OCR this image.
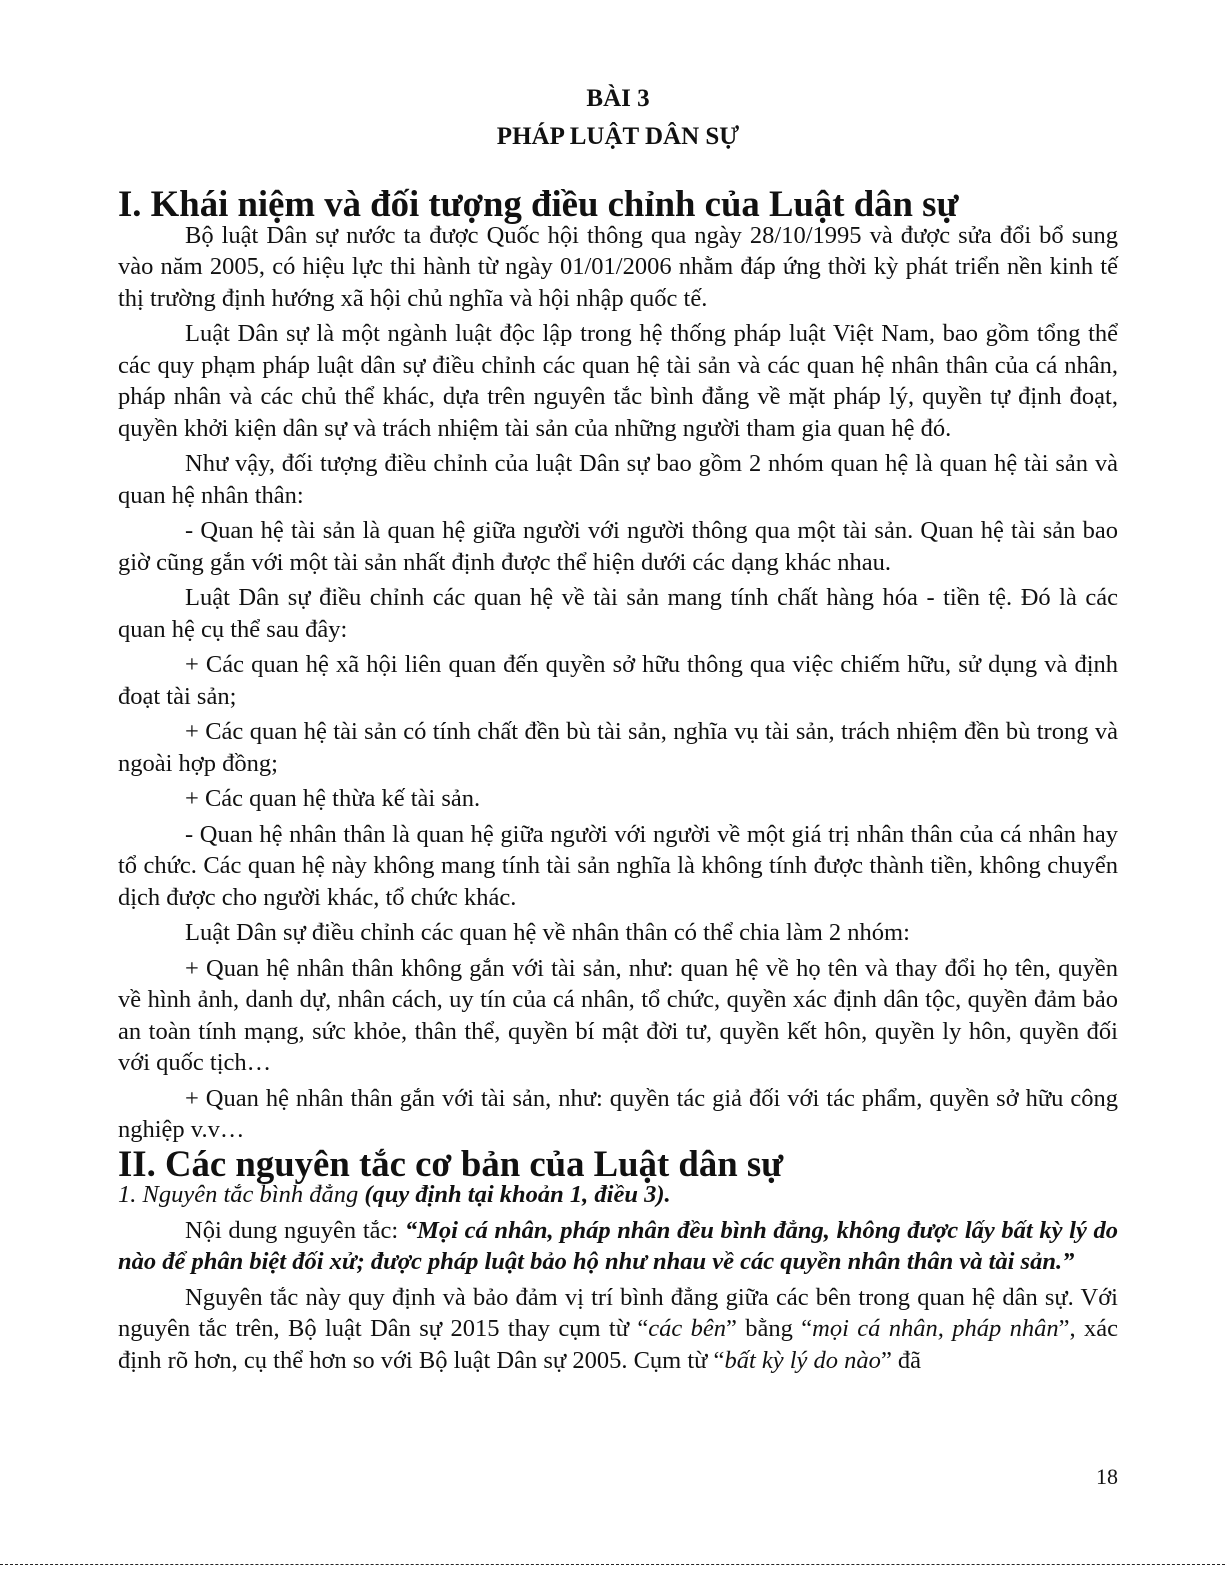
BÀI 3
PHÁP LUẬT DÂN SỰ
I. Khái niệm và đối tượng điều chỉnh của Luật dân sự

Bộ luật Dân sự nước ta được Quốc hội thông qua ngày 28/10/1995 và được sửa đổi bổ sung vào năm 2005, có hiệu lực thi hành từ ngày 01/01/2006 nhằm đáp ứng thời kỳ phát triển nền kinh tế thị trường định hướng xã hội chủ nghĩa và hội nhập quốc tế.

Luật Dân sự là một ngành luật độc lập trong hệ thống pháp luật Việt Nam, bao gồm tổng thể các quy phạm pháp luật dân sự điều chỉnh các quan hệ tài sản và các quan hệ nhân thân của cá nhân, pháp nhân và các chủ thể khác, dựa trên nguyên tắc bình đẳng về mặt pháp lý, quyền tự định đoạt, quyền khởi kiện dân sự và trách nhiệm tài sản của những người tham gia quan hệ đó.

Như vậy, đối tượng điều chỉnh của luật Dân sự bao gồm 2 nhóm quan hệ là quan hệ tài sản và quan hệ nhân thân:

- Quan hệ tài sản là quan hệ giữa người với người thông qua một tài sản. Quan hệ tài sản bao giờ cũng gắn với một tài sản nhất định được thể hiện dưới các dạng khác nhau.

Luật Dân sự điều chỉnh các quan hệ về tài sản mang tính chất hàng hóa - tiền tệ. Đó là các quan hệ cụ thể sau đây:

+ Các quan hệ xã hội liên quan đến quyền sở hữu thông qua việc chiếm hữu, sử dụng và định đoạt tài sản;

+ Các quan hệ tài sản có tính chất đền bù tài sản, nghĩa vụ tài sản, trách nhiệm đền bù trong và ngoài hợp đồng;

+ Các quan hệ thừa kế tài sản.

- Quan hệ nhân thân là quan hệ giữa người với người về một giá trị nhân thân của cá nhân hay tổ chức. Các quan hệ này không mang tính tài sản nghĩa là không tính được thành tiền, không chuyển dịch được cho người khác, tổ chức khác.

Luật Dân sự điều chỉnh các quan hệ về nhân thân có thể chia làm 2 nhóm:

+ Quan hệ nhân thân không gắn với tài sản, như: quan hệ về họ tên và thay đổi họ tên, quyền về hình ảnh, danh dự, nhân cách, uy tín của cá nhân, tổ chức, quyền xác định dân tộc, quyền đảm bảo an toàn tính mạng, sức khỏe, thân thể, quyền bí mật đời tư, quyền kết hôn, quyền ly hôn, quyền đối với quốc tịch…

+ Quan hệ nhân thân gắn với tài sản, như: quyền tác giả đối với tác phẩm, quyền sở hữu công nghiệp v.v…

II. Các nguyên tắc cơ bản của Luật dân sự

1. Nguyên tắc bình đẳng (quy định tại khoản 1, điều 3).

Nội dung nguyên tắc: “Mọi cá nhân, pháp nhân đều bình đẳng, không được lấy bất kỳ lý do nào để phân biệt đối xử; được pháp luật bảo hộ như nhau về các quyền nhân thân và tài sản.”

Nguyên tắc này quy định và bảo đảm vị trí bình đẳng giữa các bên trong quan hệ dân sự. Với nguyên tắc trên, Bộ luật Dân sự 2015 thay cụm từ “các bên” bằng “mọi cá nhân, pháp nhân”, xác định rõ hơn, cụ thể hơn so với Bộ luật Dân sự 2005. Cụm từ “bất kỳ lý do nào” đã

18
